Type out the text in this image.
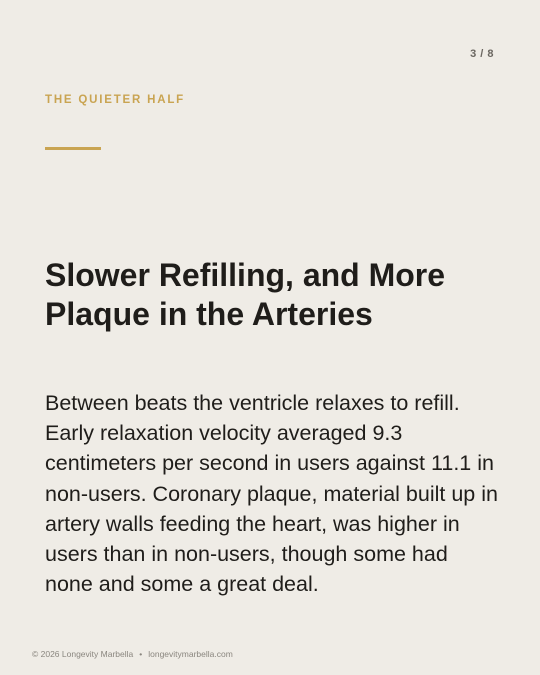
3 / 8
THE QUIETER HALF
Slower Refilling, and More Plaque in the Arteries

Between beats the ventricle relaxes to refill. Early relaxation velocity averaged 9.3 centimeters per second in users against 11.1 in non-users. Coronary plaque, material built up in artery walls feeding the heart, was higher in users than in non-users, though some had none and some a great deal.

© 2026 Longevity Marbella • longevitymarbella.com
